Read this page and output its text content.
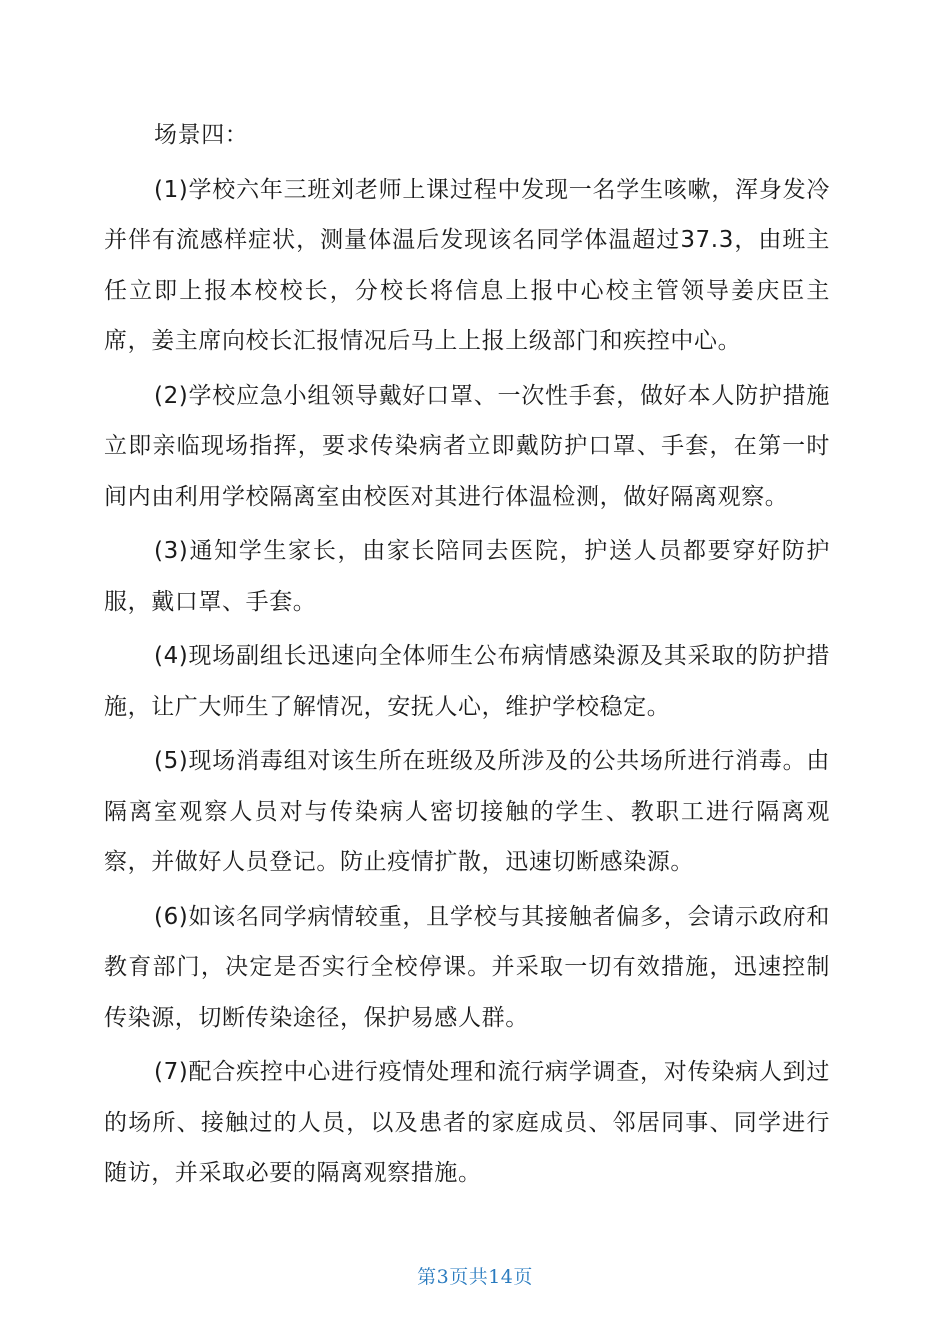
场景四：

(1)学校六年三班刘老师上课过程中发现一名学生咳嗽，浑身发冷并伴有流感样症状，测量体温后发现该名同学体温超过37.3，由班主任立即上报本校校长，分校长将信息上报中心校主管领导姜庆臣主席，姜主席向校长汇报情况后马上上报上级部门和疾控中心。

(2)学校应急小组领导戴好口罩、一次性手套，做好本人防护措施立即亲临现场指挥，要求传染病者立即戴防护口罩、手套，在第一时间内由利用学校隔离室由校医对其进行体温检测，做好隔离观察。

(3)通知学生家长，由家长陪同去医院，护送人员都要穿好防护服，戴口罩、手套。

(4)现场副组长迅速向全体师生公布病情感染源及其采取的防护措施，让广大师生了解情况，安抚人心，维护学校稳定。

(5)现场消毒组对该生所在班级及所涉及的公共场所进行消毒。由隔离室观察人员对与传染病人密切接触的学生、教职工进行隔离观察，并做好人员登记。防止疫情扩散，迅速切断感染源。

(6)如该名同学病情较重，且学校与其接触者偏多，会请示政府和教育部门，决定是否实行全校停课。并采取一切有效措施，迅速控制传染源，切断传染途径，保护易感人群。

(7)配合疾控中心进行疫情处理和流行病学调查，对传染病人到过的场所、接触过的人员，以及患者的家庭成员、邻居同事、同学进行随访，并采取必要的隔离观察措施。

第3页共14页
